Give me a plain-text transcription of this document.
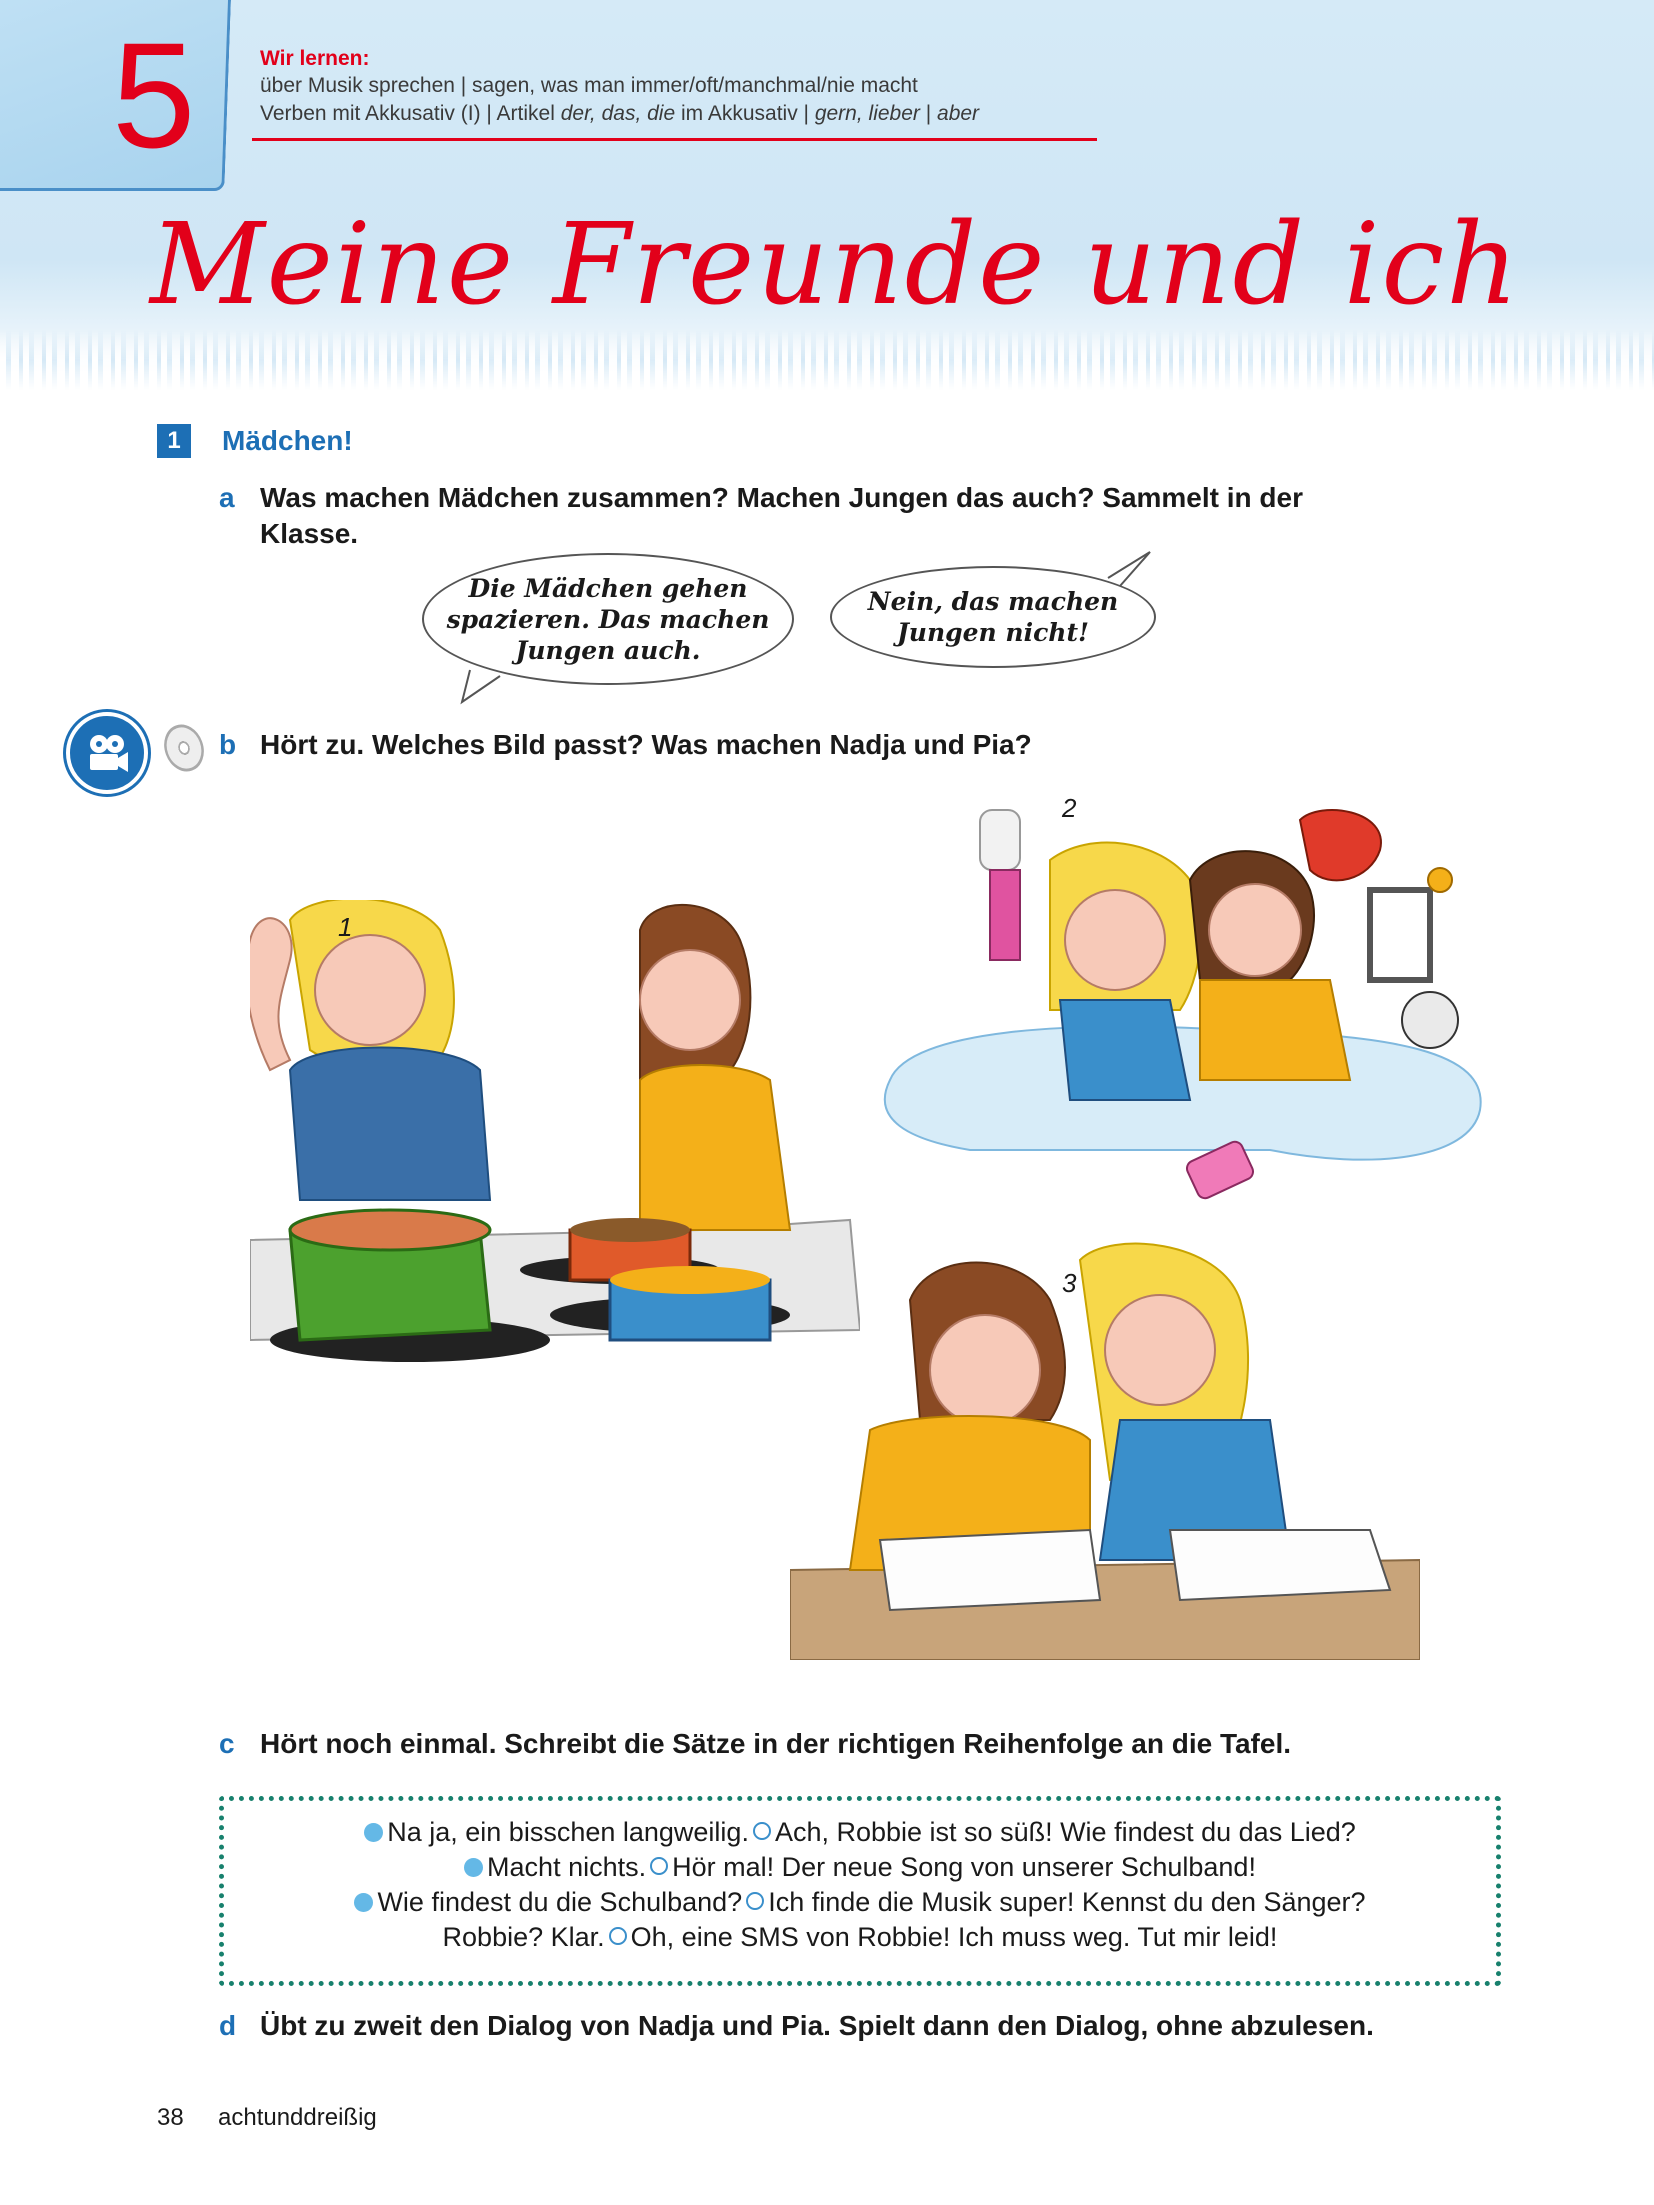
5	Wir lernen:
über Musik sprechen | sagen, was man immer/oft/manchmal/nie macht
Verben mit Akkusativ (I) | Artikel der, das, die im Akkusativ | gern, lieber | aber
Meine Freunde und ich
1	Mädchen!
a Was machen Mädchen zusammen? Machen Jungen das auch? Sammelt in der
Klasse.
Die Mädchen gehen
spazieren. Das machen
Jungen auch.
Nein, das machen
Jungen nicht!
b Hört zu. Welches Bild passt? Was machen Nadja und Pia?
1
2
3
c Hört noch einmal. Schreibt die Sätze in der richtigen Reihenfolge an die Tafel.
Na ja, ein bisschen langweilig. Ach, Robbie ist so süß! Wie findest du das Lied?
Macht nichts. Hör mal! Der neue Song von unserer Schulband!
Wie findest du die Schulband? Ich finde die Musik super! Kennst du den Sänger?
Robbie? Klar. Oh, eine SMS von Robbie! Ich muss weg. Tut mir leid!
d Übt zu zweit den Dialog von Nadja und Pia. Spielt dann den Dialog, ohne abzulesen.
38 achtunddreißig
